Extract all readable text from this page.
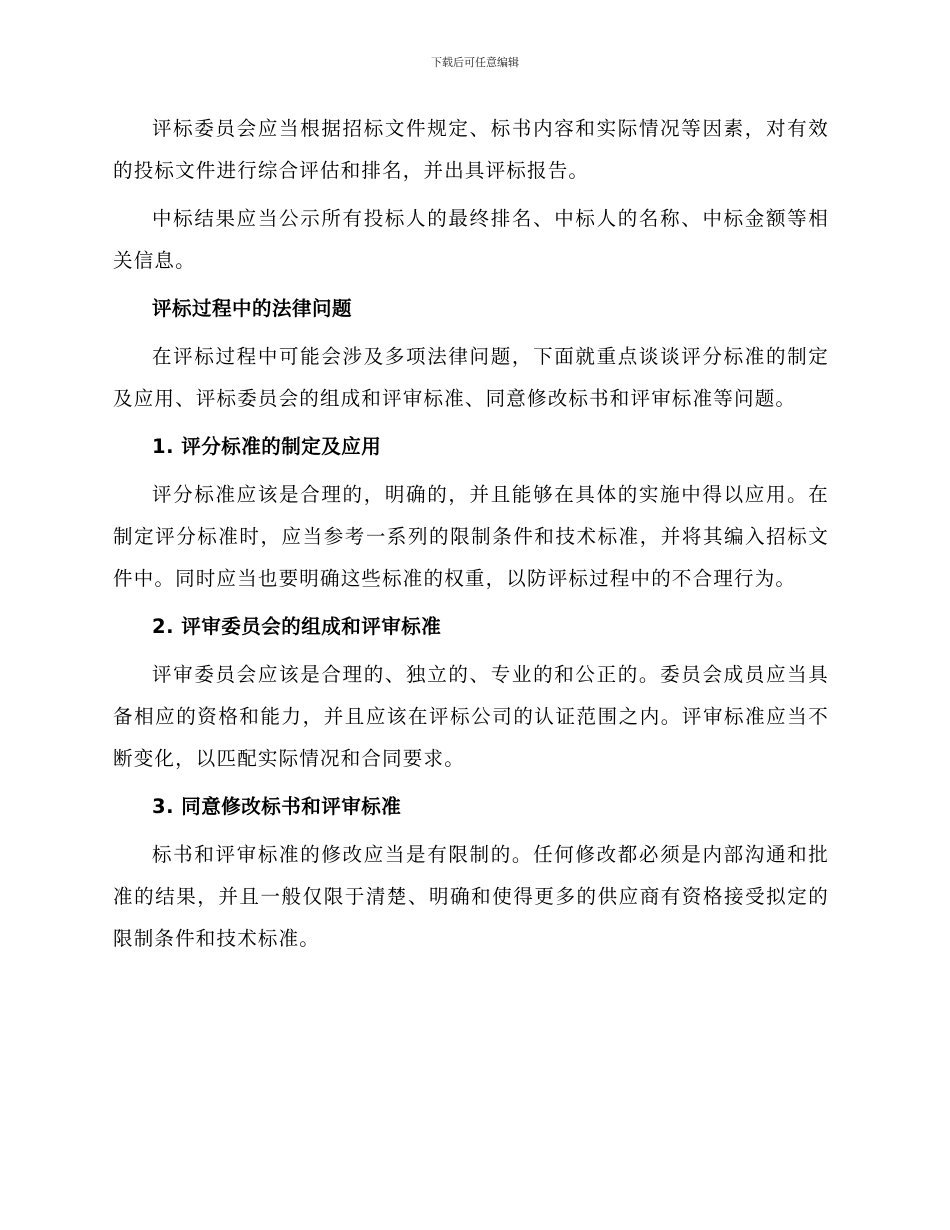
下载后可任意编辑

评标委员会应当根据招标文件规定、标书内容和实际情况等因素，对有效的投标文件进行综合评估和排名，并出具评标报告。

中标结果应当公示所有投标人的最终排名、中标人的名称、中标金额等相关信息。

评标过程中的法律问题

在评标过程中可能会涉及多项法律问题，下面就重点谈谈评分标准的制定及应用、评标委员会的组成和评审标准、同意修改标书和评审标准等问题。

1. 评分标准的制定及应用

评分标准应该是合理的，明确的，并且能够在具体的实施中得以应用。在制定评分标准时，应当参考一系列的限制条件和技术标准，并将其编入招标文件中。同时应当也要明确这些标准的权重，以防评标过程中的不合理行为。

2. 评审委员会的组成和评审标准

评审委员会应该是合理的、独立的、专业的和公正的。委员会成员应当具备相应的资格和能力，并且应该在评标公司的认证范围之内。评审标准应当不断变化，以匹配实际情况和合同要求。

3. 同意修改标书和评审标准

标书和评审标准的修改应当是有限制的。任何修改都必须是内部沟通和批准的结果，并且一般仅限于清楚、明确和使得更多的供应商有资格接受拟定的限制条件和技术标准。
